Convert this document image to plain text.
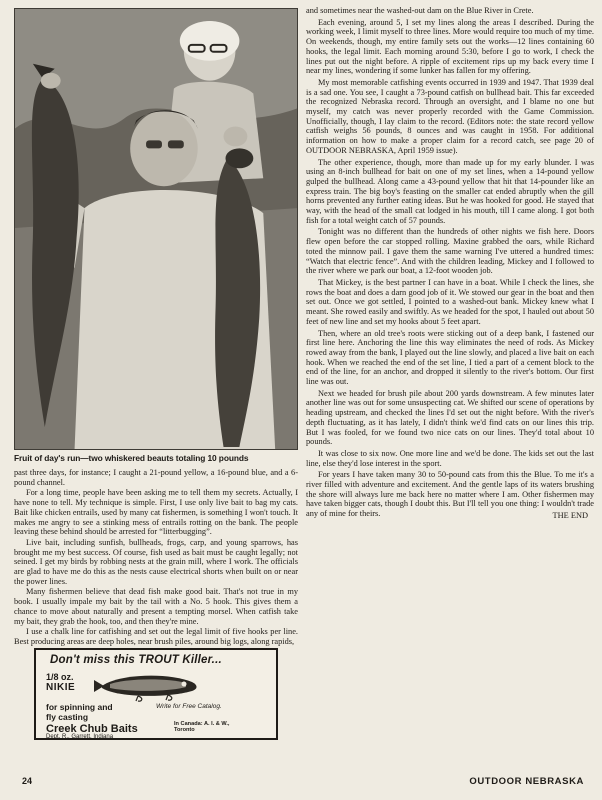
Fruit of day's run—two whiskered beauts totaling 10 pounds

past three days, for instance; I caught a 21-pound yellow, a 16-pound blue, and a 6-pound channel.

For a long time, people have been asking me to tell them my secrets. Actually, I have none to tell. My technique is simple. First, I use only live bait to bag my cats. Bait like chicken entrails, used by many cat fishermen, is something I won't touch. It makes me angry to see a stinking mess of entrails rotting on the bank. The people leaving these behind should be arrested for “litterbugging”.

Live bait, including sunfish, bullheads, frogs, carp, and young sparrows, has brought me my best success. Of course, fish used as bait must be caught legally; not seined. I get my birds by robbing nests at the grain mill, where I work. The officials are glad to have me do this as the nests cause electrical shorts when built on or near the power lines.

Many fishermen believe that dead fish make good bait. That's not true in my book. I usually impale my bait by the tail with a No. 5 hook. This gives them a chance to move about naturally and present a tempting morsel. When catfish take my bait, they grab the hook, too, and then they're mine.

I use a chalk line for catfishing and set out the legal limit of five hooks per line. Best producing areas are deep holes, near brush piles, around big logs, along rapids,

Don't miss this TROUT Killer...
1/8 oz.
NIKIE
for spinning and
fly casting
Write for Free Catalog.
Creek Chub Baits
Dept. R., Garrett, Indiana
In Canada: A. I. & W., Toronto

and sometimes near the washed-out dam on the Blue River in Crete.

Each evening, around 5, I set my lines along the areas I described. During the working week, I limit myself to three lines. More would require too much of my time. On weekends, though, my entire family sets out the works—12 lines containing 60 hooks, the legal limit. Each morning around 5:30, before I go to work, I check the lines put out the night before. A ripple of excitement rips up my back every time I near my lines, wondering if some lunker has fallen for my offering.

My most memorable catfishing events occurred in 1939 and 1947. That 1939 deal is a sad one. You see, I caught a 73-pound catfish on bullhead bait. This far exceeded the recognized Nebraska record. Through an oversight, and I blame no one but myself, my catch was never properly recorded with the Game Commission. Unofficially, though, I lay claim to the record. (Editors note: the state record yellow catfish weighs 56 pounds, 8 ounces and was caught in 1958. For additional information on how to make a proper claim for a record catch, see page 20 of OUTDOOR NEBRASKA, April 1959 issue).

The other experience, though, more than made up for my early blunder. I was using an 8-inch bullhead for bait on one of my set lines, when a 14-pound yellow gulped the bullhead. Along came a 43-pound yellow that hit that 14-pounder like an express train. The big boy's feasting on the smaller cat ended abruptly when the gill horns prevented any further eating ideas. But he was hooked for good. He stayed that way, with the head of the small cat lodged in his mouth, till I came along. I got both fish for a total weight catch of 57 pounds.

Tonight was no different than the hundreds of other nights we fish here. Doors flew open before the car stopped rolling. Maxine grabbed the oars, while Richard toted the minnow pail. I gave them the same warning I've uttered a hundred times: “Watch that electric fence”. And with the children leading, Mickey and I followed to the river where we park our boat, a 12-foot wooden job.

That Mickey, is the best partner I can have in a boat. While I check the lines, she rows the boat and does a darn good job of it. We stowed our gear in the boat and then set out. Once we got settled, I pointed to a washed-out bank. Mickey knew what I meant. She rowed easily and swiftly. As we headed for the spot, I hauled out about 50 feet of new line and set my hooks about 5 feet apart.

Then, where an old tree's roots were sticking out of a deep bank, I fastened our first line here. Anchoring the line this way eliminates the need of rods. As Mickey rowed away from the bank, I played out the line slowly, and placed a live bait on each hook. When we reached the end of the set line, I tied a part of a cement block to the end of the line, for an anchor, and dropped it silently to the river's bottom. Our first line was out.

Next we headed for brush pile about 200 yards downstream. A few minutes later another line was out for some unsuspecting cat. We shifted our scene of operations by heading upstream, and checked the lines I'd set out the night before. With the river's depth fluctuating, as it has lately, I didn't think we'd find cats on our lines this trip. But I was fooled, for we found two nice cats on our lines. They'd total about 10 pounds.

It was close to six now. One more line and we'd be done. The kids set out the last line, else they'd lose interest in the sport.

For years I have taken many 30 to 50-pound cats from this the Blue. To me it's a river filled with adventure and excitement. And the gentle laps of its waters brushing the shore will always lure me back here no matter where I am. Other fishermen may have taken bigger cats, though I doubt this. But I'll tell you one thing: I wouldn't trade any of mine for theirs.	THE END
24	OUTDOOR NEBRASKA
